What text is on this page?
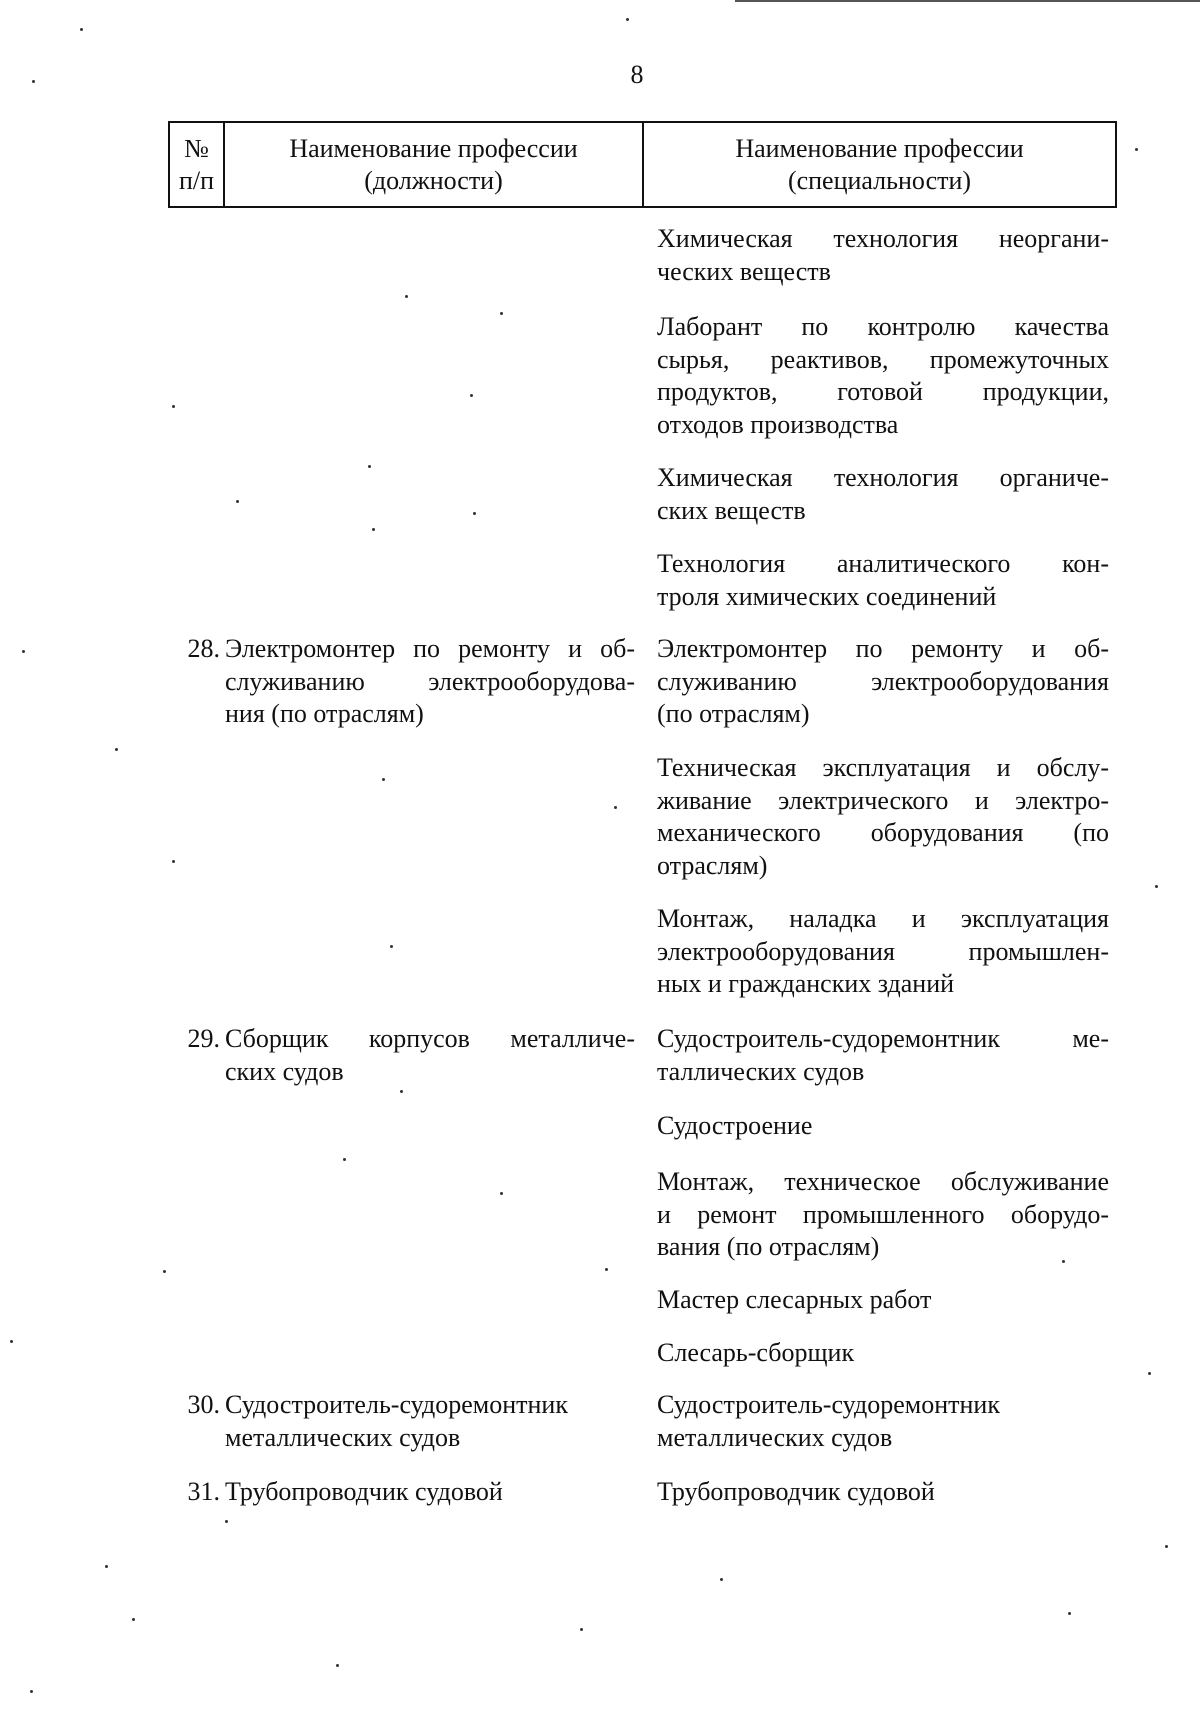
8
№
п/п
Наименование профессии
(должности)
Наименование профессии
(специальности)
Химическая технология неоргани-
ческих веществ
Лаборант по контролю качества
сырья, реактивов, промежуточных
продуктов, готовой продукции,
отходов производства
Химическая технология органиче-
ских веществ
Технология аналитического кон-
троля химических соединений
28. Электромонтер по ремонту и об-
служиванию электрооборудова-
ния (по отраслям)
Электромонтер по ремонту и об-
служиванию электрооборудования
(по отраслям)
Техническая эксплуатация и обслу-
живание электрического и электро-
механического оборудования (по
отраслям)
Монтаж, наладка и эксплуатация
электрооборудования промышлен-
ных и гражданских зданий
29. Сборщик корпусов металличе-
ских судов
Судостроитель-судоремонтник ме-
таллических судов
Судостроение
Монтаж, техническое обслуживание
и ремонт промышленного оборудо-
вания (по отраслям)
Мастер слесарных работ
Слесарь-сборщик
30. Судостроитель-судоремонтник
металлических судов
Судостроитель-судоремонтник
металлических судов
31. Трубопроводчик судовой	Трубопроводчик судовой
